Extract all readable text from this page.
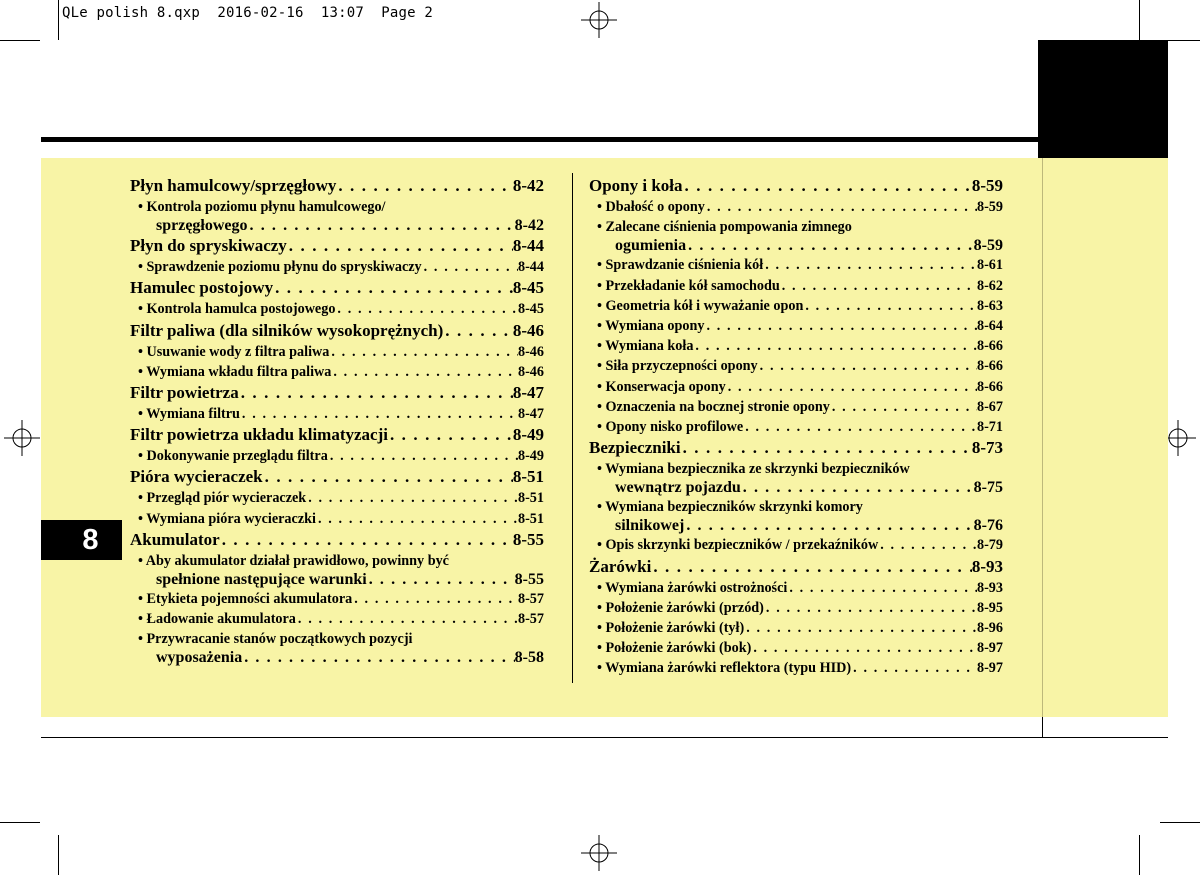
QLe polish 8.qxp  2016-02-16  13:07  Page 2
8
Płyn hamulcowy/sprzęgłowy . . .	8-42
• Kontrola poziomu płynu hamulcowego/
sprzęgłowego . . .	8-42
Płyn do spryskiwaczy . . .	8-44
• Sprawdzenie poziomu płynu do spryskiwaczy . . .	8-44
Hamulec postojowy . . .	8-45
• Kontrola hamulca postojowego . . .	8-45
Filtr paliwa (dla silników wysokoprężnych) . . .	8-46
• Usuwanie wody z filtra paliwa . . .	8-46
• Wymiana wkładu filtra paliwa . . .	8-46
Filtr powietrza . . .	8-47
• Wymiana filtru . . .	8-47
Filtr powietrza układu klimatyzacji . . .	8-49
• Dokonywanie przeglądu filtra . . .	8-49
Pióra wycieraczek . . .	8-51
• Przegląd piór wycieraczek . . .	8-51
• Wymiana pióra wycieraczki . . .	8-51
Akumulator . . .	8-55
• Aby akumulator działał prawidłowo, powinny być
spełnione następujące warunki . . .	8-55
• Etykieta pojemności akumulatora . . .	8-57
• Ładowanie akumulatora . . .	8-57
• Przywracanie stanów początkowych pozycji
wyposażenia . . .	8-58
Opony i koła . . .	8-59
• Dbałość o opony . . .	8-59
• Zalecane ciśnienia pompowania zimnego
ogumienia . . .	8-59
• Sprawdzanie ciśnienia kół . . .	8-61
• Przekładanie kół samochodu . . .	8-62
• Geometria kół i wyważanie opon . . .	8-63
• Wymiana opony . . .	8-64
• Wymiana koła . . .	8-66
• Siła przyczepności opony . . .	8-66
• Konserwacja opony . . .	8-66
• Oznaczenia na bocznej stronie opony . . .	8-67
• Opony nisko profilowe . . .	8-71
Bezpieczniki . . .	8-73
• Wymiana bezpiecznika ze skrzynki bezpieczników
wewnątrz pojazdu . . .	8-75
• Wymiana bezpieczników skrzynki komory
silnikowej . . .	8-76
• Opis skrzynki bezpieczników / przekaźników . . .	8-79
Żarówki . . .	8-93
• Wymiana żarówki ostrożności . . .	8-93
• Położenie żarówki (przód) . . .	8-95
• Położenie żarówki (tył) . . .	8-96
• Położenie żarówki (bok) . . .	8-97
• Wymiana żarówki reflektora (typu HID) . . .	8-97
